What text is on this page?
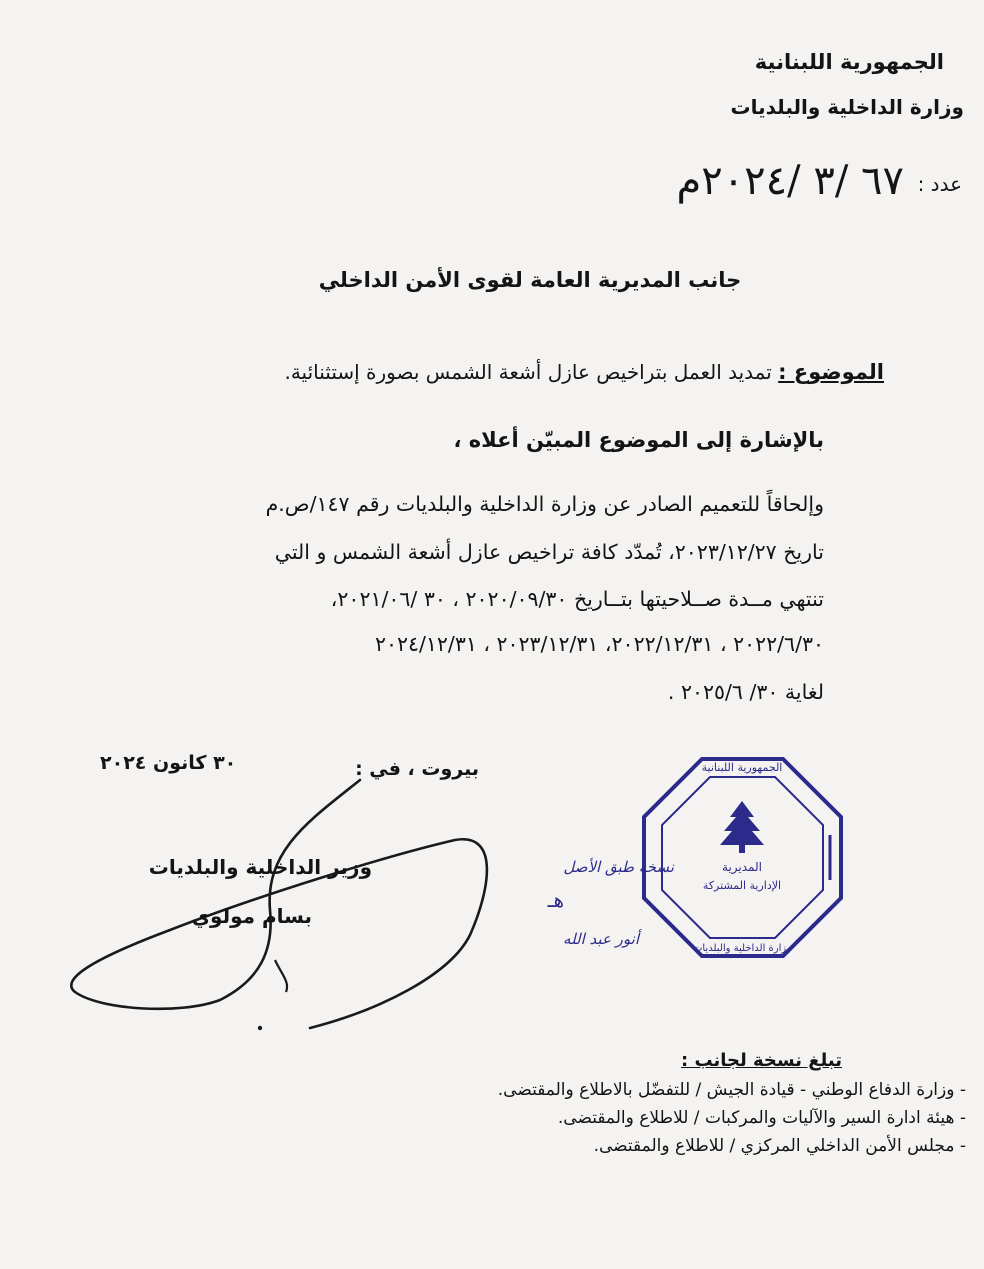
الجمهورية اللبنانية
وزارة الداخلية والبلديات
عدد :
٦٧ /٣ /٢٠٢٤م
جانب المديرية العامة لقوى الأمن الداخلي
الموضوع : تمديد العمل بتراخيص عازل أشعة الشمس بصورة إستثنائية.
بالإشارة إلى الموضوع المبيّن أعلاه ،
وإلحاقاً للتعميم الصادر عن وزارة الداخلية والبلديات رقم ١٤٧/ص.م
تاريخ ٢٠٢٣/١٢/٢٧، تُمدّد كافة تراخيص عازل أشعة الشمس و التي
تنتهي مــدة صــلاحيتها بتــاريخ ٢٠٢٠/٠٩/٣٠ ، ٣٠ /٢٠٢١/٠٦،
٢٠٢٢/٦/٣٠ ، ٢٠٢٢/١٢/٣١، ٢٠٢٣/١٢/٣١ ، ٢٠٢٤/١٢/٣١
لغاية ٣٠/ ٢٠٢٥/٦ .
بيروت ، في :
٣٠ كانون ٢٠٢٤
وزير الداخلية والبلديات
بسام مولوي
الجمهورية اللبنانية
المديرية
الإدارية المشتركة
وزارة الداخلية والبلديات
نسخة طبق الأصل
هـ
أنور عبد الله
تبلغ نسخة لجانب :
- وزارة الدفاع الوطني - قيادة الجيش / للتفضّل بالاطلاع والمقتضى.
- هيئة ادارة السير والآليات والمركبات / للاطلاع والمقتضى.
- مجلس الأمن الداخلي المركزي / للاطلاع والمقتضى.
